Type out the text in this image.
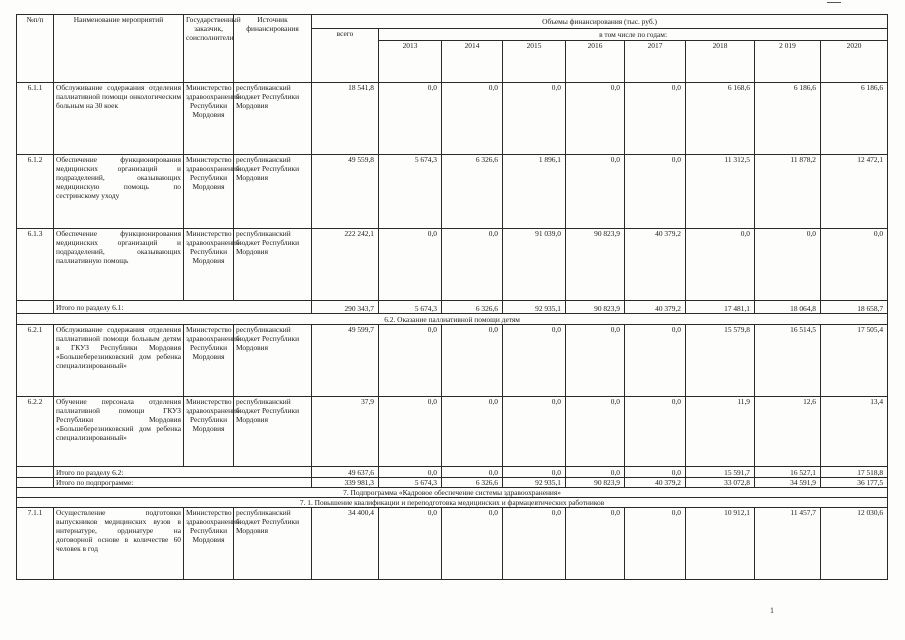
№п/п	Наименование мероприятий	Государственный заказчик, соисполнители	Источник финансирования	Объемы финансирования (тыс. руб.)								
				всего	в том числе по годам:							
					2013	2014	2015	2016	2017	2018	2 019	2020
6.1.1	Обслуживание содержания отделения паллиативной помощи онкологическим больным на 30 коек	Министерство здравоохранения Республики Мордовия	республиканский бюджет Республики Мордовия	18 541,8	0,0	0,0	0,0	0,0	0,0	6 168,6	6 186,6	6 186,6
6.1.2	Обеспечение функционирования медицинских организаций и подразделений, оказывающих медицинскую помощь по сестринскому уходу	Министерство здравоохранения Республики Мордовия	республиканский бюджет Республики Мордовия	49 559,8	5 674,3	6 326,6	1 896,1	0,0	0,0	11 312,5	11 878,2	12 472,1
6.1.3	Обеспечение функционирования медицинских организаций и подразделений, оказывающих паллиативную помощь	Министерство здравоохранения Республики Мордовия	республиканский бюджет Республики Мордовия	222 242,1	0,0	0,0	91 039,0	90 823,9	40 379,2	0,0	0,0	0,0
	Итого по разделу 6.1:			290 343,7	5 674,3	6 326,6	92 935,1	90 823,9	40 379,2	17 481,1	18 064,8	18 658,7
6.2. Оказание паллиативной помощи детям												
6.2.1	Обслуживание содержания отделения паллиативной помощи больным детям в ГКУЗ Республики Мордовия «Большеберезниковский дом ребенка специализированный»	Министерство здравоохранения Республики Мордовия	республиканский бюджет Республики Мордовия	49 599,7	0,0	0,0	0,0	0,0	0,0	15 579,8	16 514,5	17 505,4
6.2.2	Обучение персонала отделения паллиативной помощи ГКУЗ Республики Мордовия «Большеберезниковский дом ребенка специализированный»	Министерство здравоохранения Республики Мордовия	республиканский бюджет Республики Мордовия	37,9	0,0	0,0	0,0	0,0	0,0	11,9	12,6	13,4
	Итого по разделу 6.2:			49 637,6	0,0	0,0	0,0	0,0	0,0	15 591,7	16 527,1	17 518,8
	Итого по подпрограмме:			339 981,3	5 674,3	6 326,6	92 935,1	90 823,9	40 379,2	33 072,8	34 591,9	36 177,5
7. Подпрограмма «Кадровое обеспечение системы здравоохранения»												
7. 1. Повышение квалификации и переподготовка медицинских и фармацевтических работников												
7.1.1	Осуществление подготовки выпускников медицинских вузов в интернатуре, ординатуре на договорной основе в количестве 60 человек в год	Министерство здравоохранения Республики Мордовия	республиканский бюджет Республики Мордовия	34 400,4	0,0	0,0	0,0	0,0	0,0	10 912,1	11 457,7	12 030,6
1
